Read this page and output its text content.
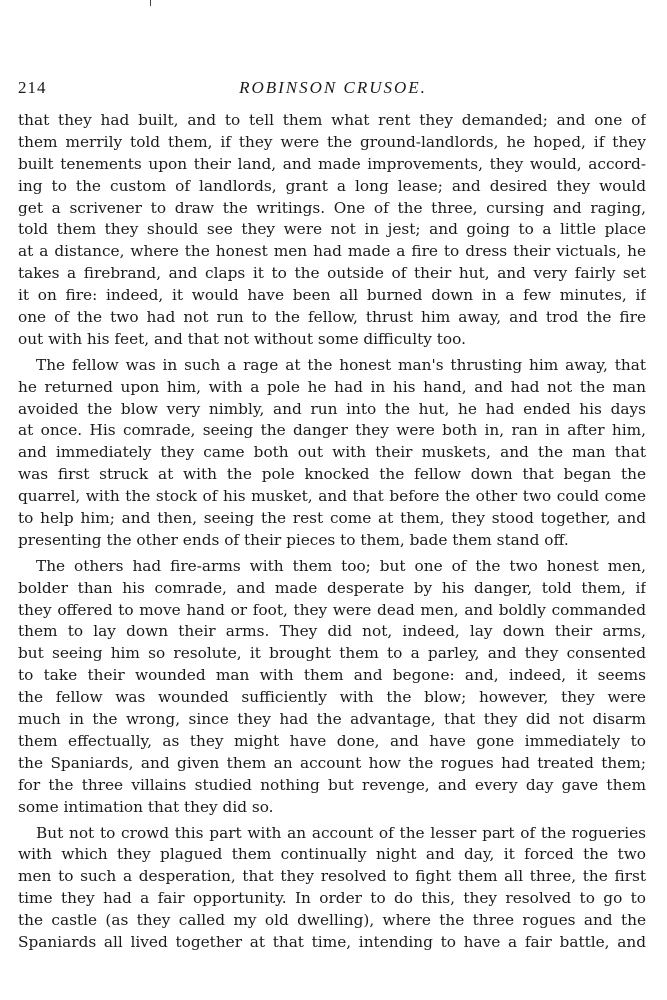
214	ROBINSON CRUSOE.
that they had built, and to tell them what rent they demanded; and one of
them merrily told them, if they were the ground-landlords, he hoped, if they
built tenements upon their land, and made improvements, they would, accord-
ing to the custom of landlords, grant a long lease; and desired they would
get a scrivener to draw the writings. One of the three, cursing and raging,
told them they should see they were not in jest; and going to a little place
at a distance, where the honest men had made a fire to dress their victuals, he
takes a firebrand, and claps it to the outside of their hut, and very fairly set
it on fire: indeed, it would have been all burned down in a few minutes, if
one of the two had not run to the fellow, thrust him away, and trod the fire
out with his feet, and that not without some difficulty too.
The fellow was in such a rage at the honest man's thrusting him away, that
he returned upon him, with a pole he had in his hand, and had not the man
avoided the blow very nimbly, and run into the hut, he had ended his days
at once. His comrade, seeing the danger they were both in, ran in after him,
and immediately they came both out with their muskets, and the man that
was first struck at with the pole knocked the fellow down that began the
quarrel, with the stock of his musket, and that before the other two could come
to help him; and then, seeing the rest come at them, they stood together, and
presenting the other ends of their pieces to them, bade them stand off.
The others had fire-arms with them too; but one of the two honest men,
bolder than his comrade, and made desperate by his danger, told them, if
they offered to move hand or foot, they were dead men, and boldly commanded
them to lay down their arms. They did not, indeed, lay down their arms,
but seeing him so resolute, it brought them to a parley, and they consented
to take their wounded man with them and begone: and, indeed, it seems
the fellow was wounded sufficiently with the blow; however, they were
much in the wrong, since they had the advantage, that they did not disarm
them effectually, as they might have done, and have gone immediately to
the Spaniards, and given them an account how the rogues had treated them;
for the three villains studied nothing but revenge, and every day gave them
some intimation that they did so.
But not to crowd this part with an account of the lesser part of the rogueries
with which they plagued them continually night and day, it forced the two
men to such a desperation, that they resolved to fight them all three, the first
time they had a fair opportunity. In order to do this, they resolved to go to
the castle (as they called my old dwelling), where the three rogues and the
Spaniards all lived together at that time, intending to have a fair battle, and
